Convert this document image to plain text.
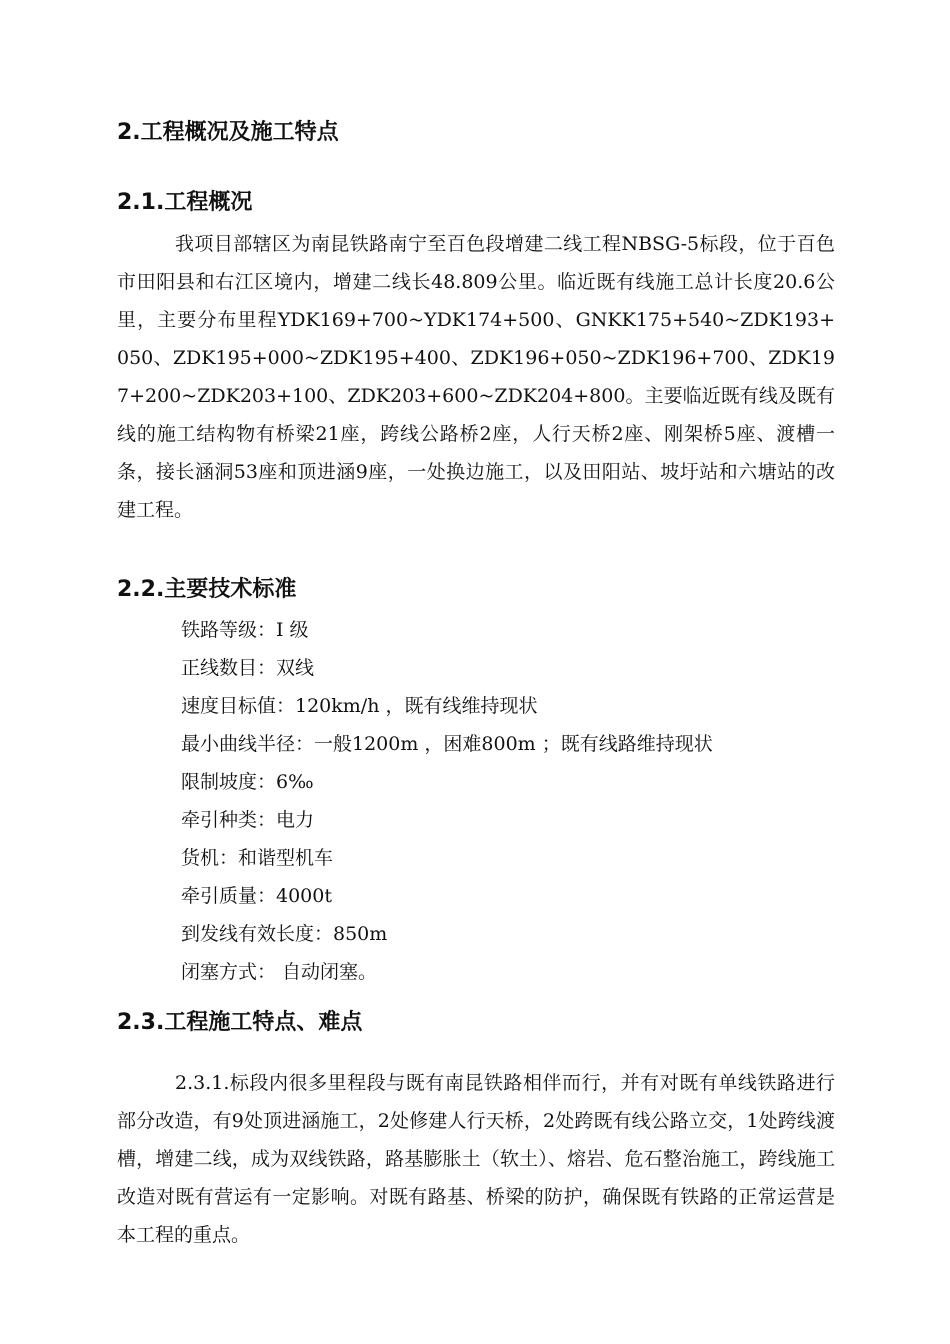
2.工程概况及施工特点
2.1.工程概况

我项目部辖区为南昆铁路南宁至百色段增建二线工程NBSG-5标段，位于百色市田阳县和右江区境内，增建二线长48.809公里。临近既有线施工总计长度20.6公里，主要分布里程YDK169+700~YDK174+500、GNKK175+540~ZDK193+050、ZDK195+000~ZDK195+400、ZDK196+050~ZDK196+700、ZDK197+200~ZDK203+100、ZDK203+600~ZDK204+800。主要临近既有线及既有线的施工结构物有桥梁21座，跨线公路桥2座，人行天桥2座、刚架桥5座、渡槽一条，接长涵洞53座和顶进涵9座，一处换边施工，以及田阳站、坡圩站和六塘站的改建工程。

2.2.主要技术标准

铁路等级：Ⅰ 级

正线数目：双线

速度目标值：120km/h ，既有线维持现状

最小曲线半径：一般1200m ，困难800m ；既有线路维持现状

限制坡度：6‰

牵引种类：电力

货机：和谐型机车

牵引质量：4000t

到发线有效长度：850m

闭塞方式： 自动闭塞。

2.3.工程施工特点、难点

2.3.1.标段内很多里程段与既有南昆铁路相伴而行，并有对既有单线铁路进行部分改造，有9处顶进涵施工，2处修建人行天桥，2处跨既有线公路立交，1处跨线渡槽，增建二线，成为双线铁路，路基膨胀土（软土）、熔岩、危石整治施工，跨线施工改造对既有营运有一定影响。对既有路基、桥梁的防护，确保既有铁路的正常运营是本工程的重点。
